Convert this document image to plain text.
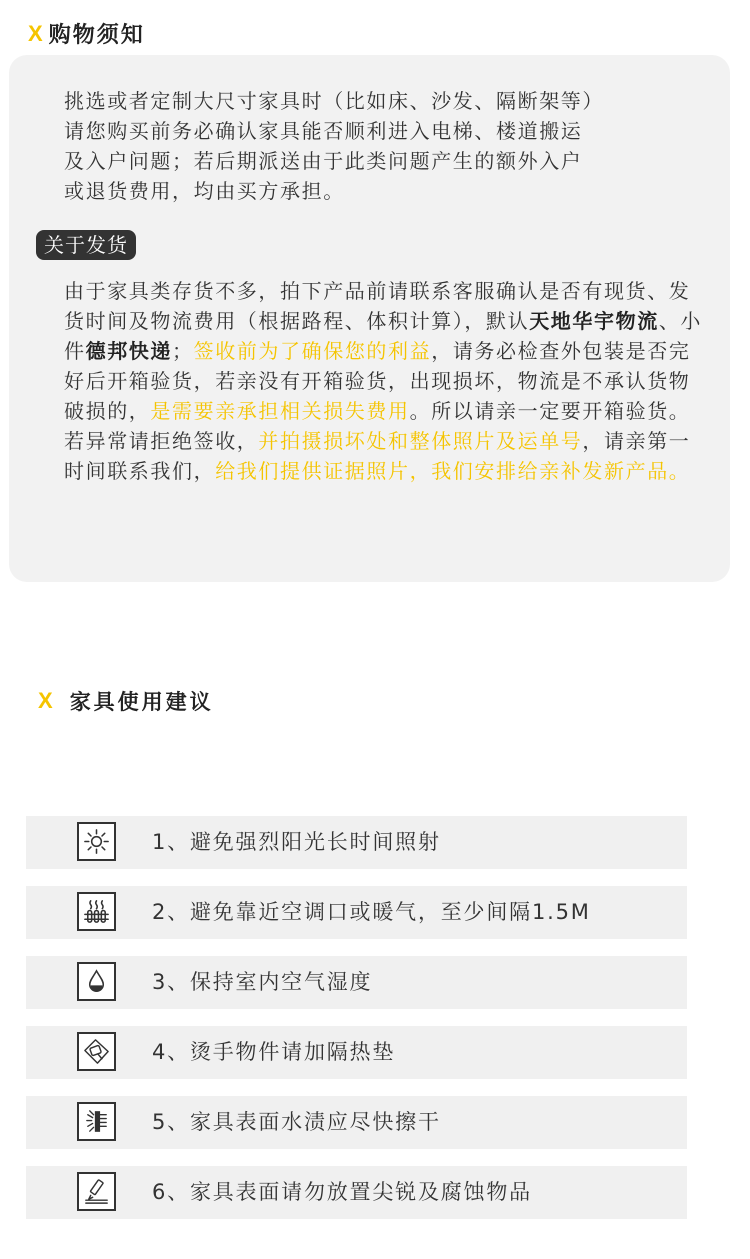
X 购物须知

挑选或者定制大尺寸家具时（比如床、沙发、隔断架等）
请您购买前务必确认家具能否顺利进入电梯、楼道搬运
及入户问题；若后期派送由于此类问题产生的额外入户
或退货费用，均由买方承担。

关于发货

由于家具类存货不多，拍下产品前请联系客服确认是否有现货、发货时间及物流费用（根据路程、体积计算），默认天地华宇物流、小件德邦快递；签收前为了确保您的利益，请务必检查外包装是否完好后开箱验货，若亲没有开箱验货，出现损坏，物流是不承认货物破损的，是需要亲承担相关损失费用。所以请亲一定要开箱验货。若异常请拒绝签收，并拍摄损坏处和整体照片及运单号，请亲第一时间联系我们，给我们提供证据照片，我们安排给亲补发新产品。

X 家具使用建议
1、避免强烈阳光长时间照射
2、避免靠近空调口或暖气，至少间隔1.5M
3、保持室内空气湿度
4、烫手物件请加隔热垫
5、家具表面水渍应尽快擦干
6、家具表面请勿放置尖锐及腐蚀物品
